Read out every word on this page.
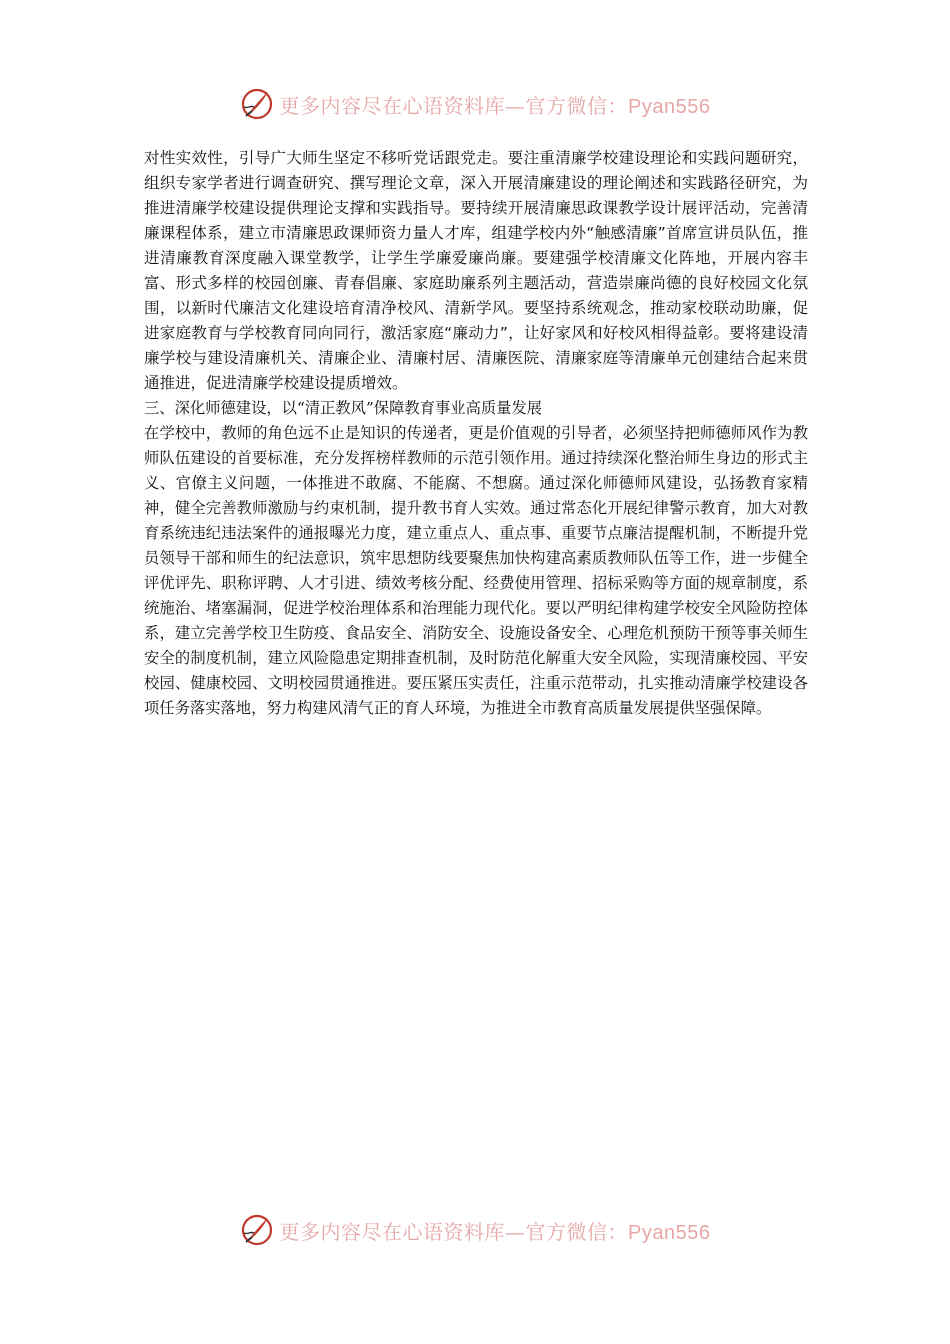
更多内容尽在心语资料库—官方微信：Pyan556

对性实效性，引导广大师生坚定不移听党话跟党走。要注重清廉学校建设理论和实践问题研究，组织专家学者进行调查研究、撰写理论文章，深入开展清廉建设的理论阐述和实践路径研究，为推进清廉学校建设提供理论支撑和实践指导。要持续开展清廉思政课教学设计展评活动，完善清廉课程体系，建立市清廉思政课师资力量人才库，组建学校内外“触感清廉”首席宣讲员队伍，推进清廉教育深度融入课堂教学，让学生学廉爱廉尚廉。要建强学校清廉文化阵地，开展内容丰富、形式多样的校园创廉、青春倡廉、家庭助廉系列主题活动，营造崇廉尚德的良好校园文化氛围，以新时代廉洁文化建设培育清净校风、清新学风。要坚持系统观念，推动家校联动助廉，促进家庭教育与学校教育同向同行，激活家庭“廉动力”，让好家风和好校风相得益彰。要将建设清廉学校与建设清廉机关、清廉企业、清廉村居、清廉医院、清廉家庭等清廉单元创建结合起来贯通推进，促进清廉学校建设提质增效。

三、深化师德建设，以“清正教风”保障教育事业高质量发展

在学校中，教师的角色远不止是知识的传递者，更是价值观的引导者，必须坚持把师德师风作为教师队伍建设的首要标准，充分发挥榜样教师的示范引领作用。通过持续深化整治师生身边的形式主义、官僚主义问题，一体推进不敢腐、不能腐、不想腐。通过深化师德师风建设，弘扬教育家精神，健全完善教师激励与约束机制，提升教书育人实效。通过常态化开展纪律警示教育，加大对教育系统违纪违法案件的通报曝光力度，建立重点人、重点事、重要节点廉洁提醒机制，不断提升党员领导干部和师生的纪法意识，筑牢思想防线要聚焦加快构建高素质教师队伍等工作，进一步健全评优评先、职称评聘、人才引进、绩效考核分配、经费使用管理、招标采购等方面的规章制度，系统施治、堵塞漏洞，促进学校治理体系和治理能力现代化。要以严明纪律构建学校安全风险防控体系，建立完善学校卫生防疫、食品安全、消防安全、设施设备安全、心理危机预防干预等事关师生安全的制度机制，建立风险隐患定期排查机制，及时防范化解重大安全风险，实现清廉校园、平安校园、健康校园、文明校园贯通推进。要压紧压实责任，注重示范带动，扎实推动清廉学校建设各项任务落实落地，努力构建风清气正的育人环境，为推进全市教育高质量发展提供坚强保障。

更多内容尽在心语资料库—官方微信：Pyan556
